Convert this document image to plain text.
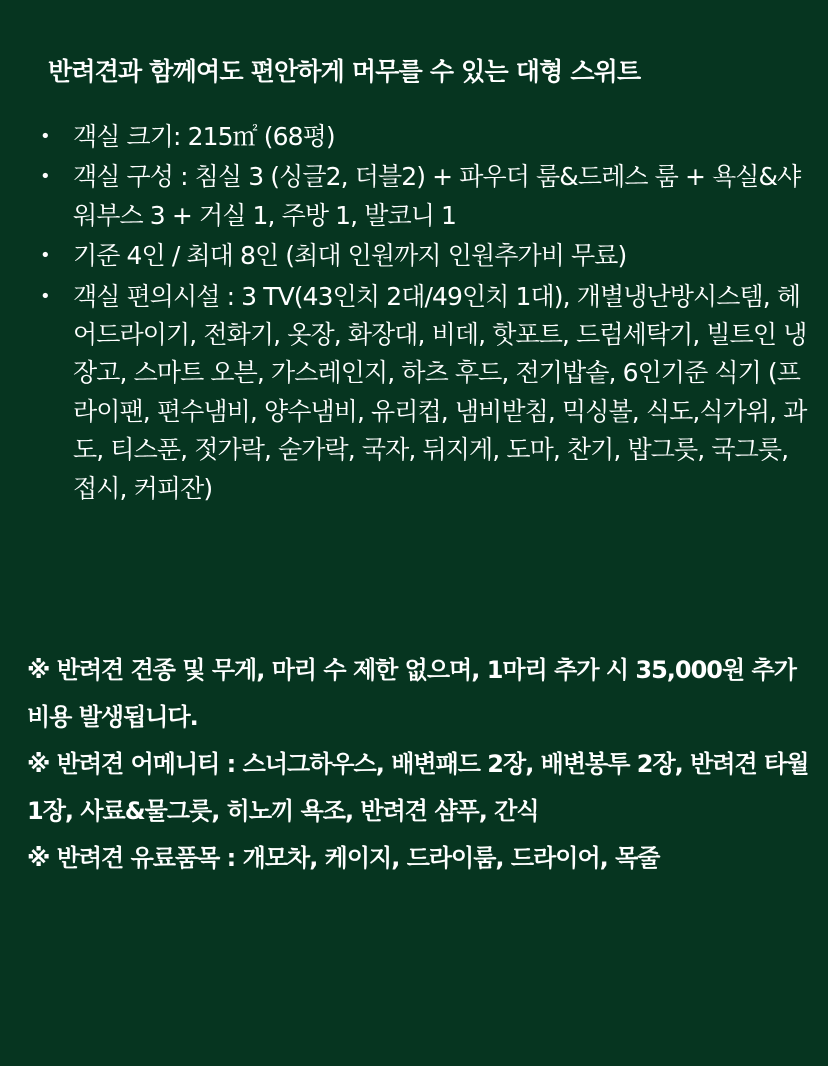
반려견과 함께여도 편안하게 머무를 수 있는 대형 스위트
• 객실 크기: 215㎡ (68평)
• 객실 구성 : 침실 3 (싱글2, 더블2) + 파우더 룸&드레스 룸 + 욕실&샤워부스 3 + 거실 1, 주방 1, 발코니 1
• 기준 4인 / 최대 8인 (최대 인원까지 인원추가비 무료)
• 객실 편의시설 : 3 TV(43인치 2대/49인치 1대), 개별냉난방시스템, 헤어드라이기, 전화기, 옷장, 화장대, 비데, 핫포트, 드럼세탁기, 빌트인 냉장고, 스마트 오븐, 가스레인지, 하츠 후드, 전기밥솥, 6인기준 식기 (프라이팬, 편수냄비, 양수냄비, 유리컵, 냄비받침, 믹싱볼, 식도,식가위, 과도, 티스푼, 젓가락, 숟가락, 국자, 뒤지게, 도마, 찬기, 밥그릇, 국그릇, 접시, 커피잔)

※ 반려견 견종 및 무게, 마리 수 제한 없으며, 1마리 추가 시 35,000원 추가 비용 발생됩니다.

※ 반려견 어메니티 : 스너그하우스, 배변패드 2장, 배변봉투 2장, 반려견 타월 1장, 사료&물그릇, 히노끼 욕조, 반려견 샴푸, 간식

※ 반려견 유료품목 : 개모차, 케이지, 드라이룸, 드라이어, 목줄
